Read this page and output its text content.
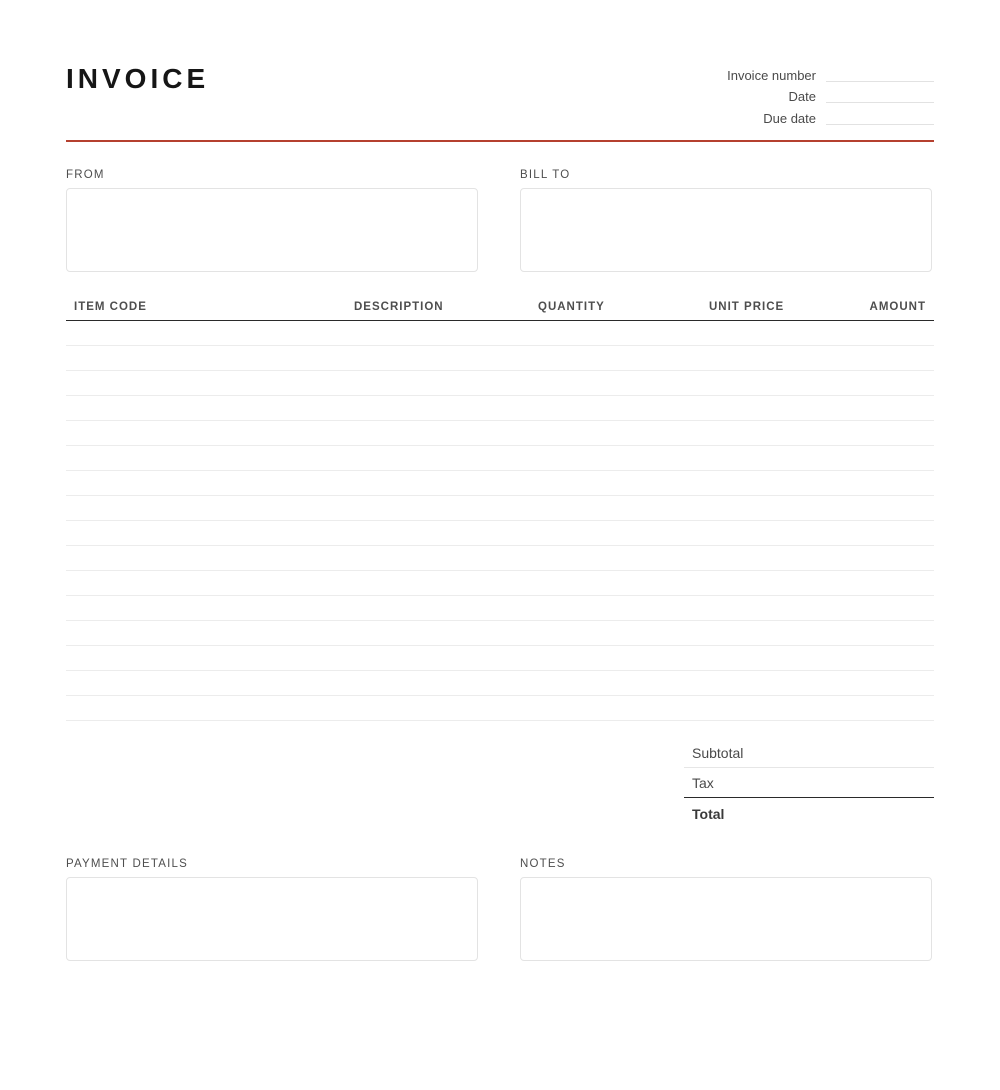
INVOICE	Invoice number
Date
Due date
FROM	BILL TO
ITEM CODE	DESCRIPTION	QUANTITY	UNIT PRICE	AMOUNT
Subtotal
Tax
Total
PAYMENT DETAILS	NOTES
